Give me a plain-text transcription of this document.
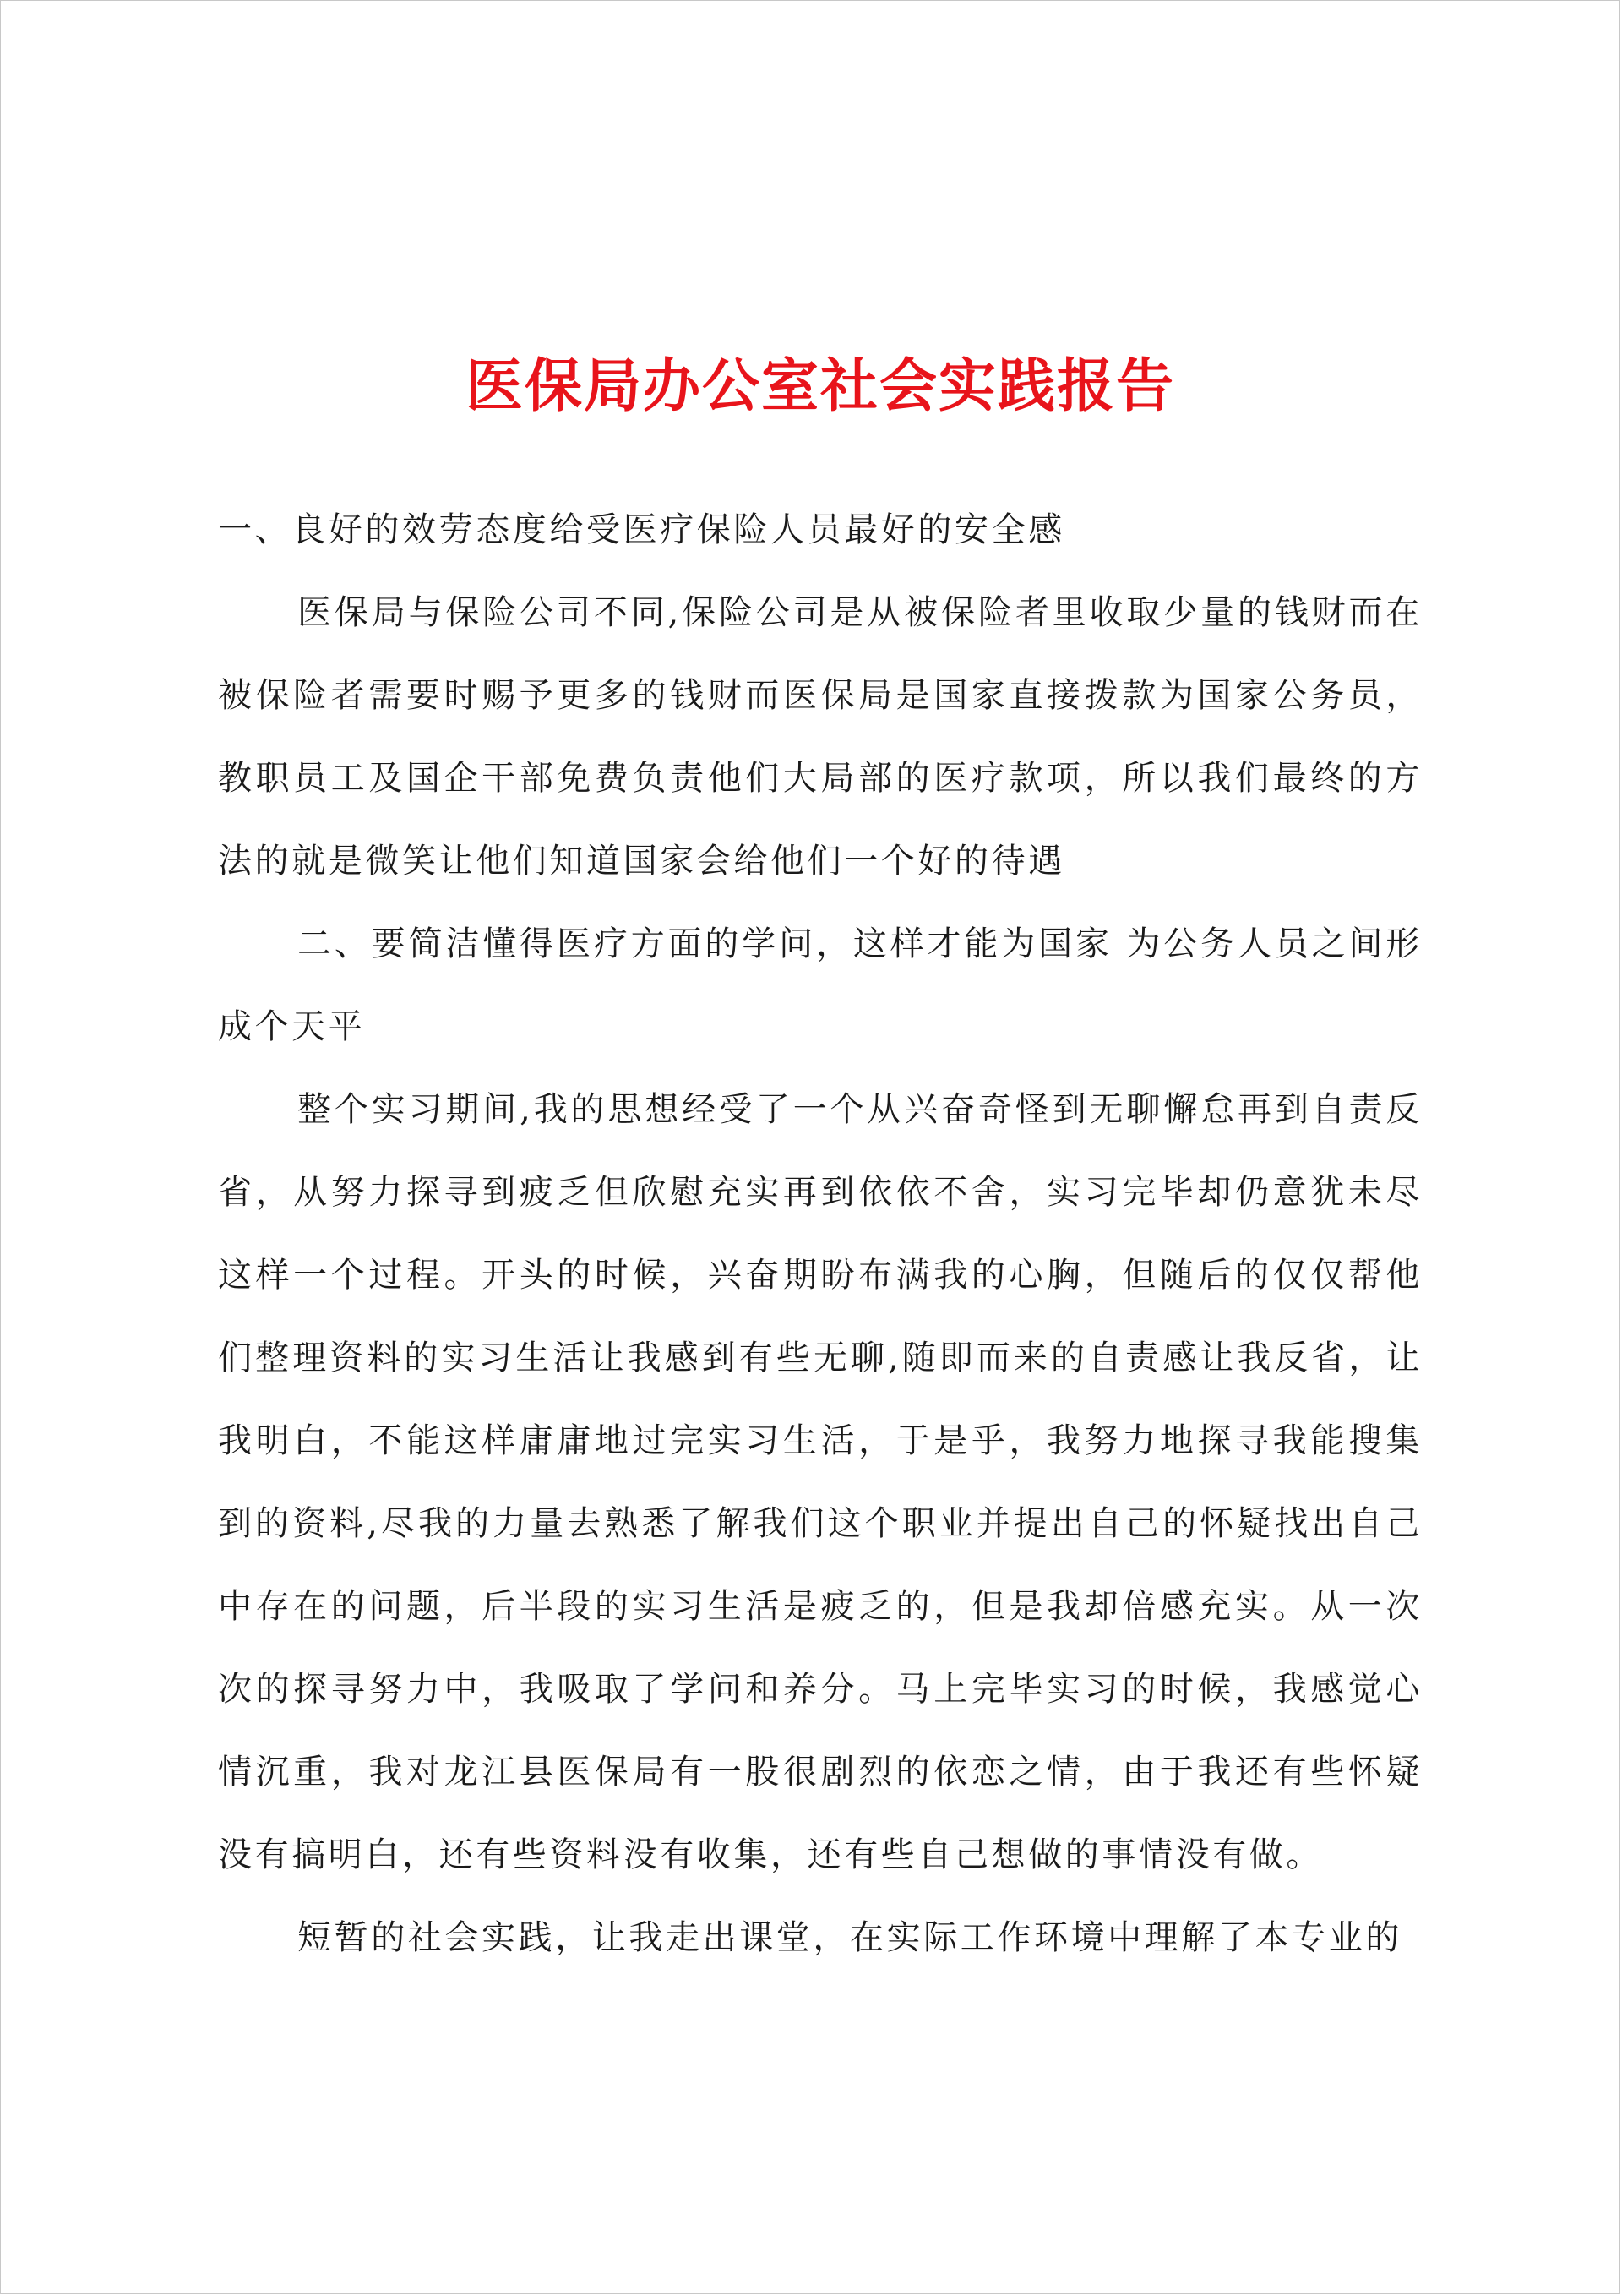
医保局办公室社会实践报告

一、良好的效劳态度给受医疗保险人员最好的安全感

医保局与保险公司不同,保险公司是从被保险者里收取少量的钱财而在被保险者需要时赐予更多的钱财而医保局是国家直接拨款为国家公务员，教职员工及国企干部免费负责他们大局部的医疗款项，所以我们最终的方法的就是微笑让他们知道国家会给他们一个好的待遇

二、要简洁懂得医疗方面的学问，这样才能为国家 为公务人员之间形成个天平

整个实习期间,我的思想经受了一个从兴奋奇怪到无聊懈怠再到自责反省，从努力探寻到疲乏但欣慰充实再到依依不舍，实习完毕却仍意犹未尽这样一个过程。开头的时候，兴奋期盼布满我的心胸，但随后的仅仅帮他们整理资料的实习生活让我感到有些无聊,随即而来的自责感让我反省，让我明白，不能这样庸庸地过完实习生活，于是乎，我努力地探寻我能搜集到的资料,尽我的力量去熟悉了解我们这个职业并提出自己的怀疑找出自己中存在的问题，后半段的实习生活是疲乏的，但是我却倍感充实。从一次次的探寻努力中，我吸取了学问和养分。马上完毕实习的时候，我感觉心情沉重，我对龙江县医保局有一股很剧烈的依恋之情，由于我还有些怀疑没有搞明白，还有些资料没有收集，还有些自己想做的事情没有做。

短暂的社会实践，让我走出课堂，在实际工作环境中理解了本专业的
